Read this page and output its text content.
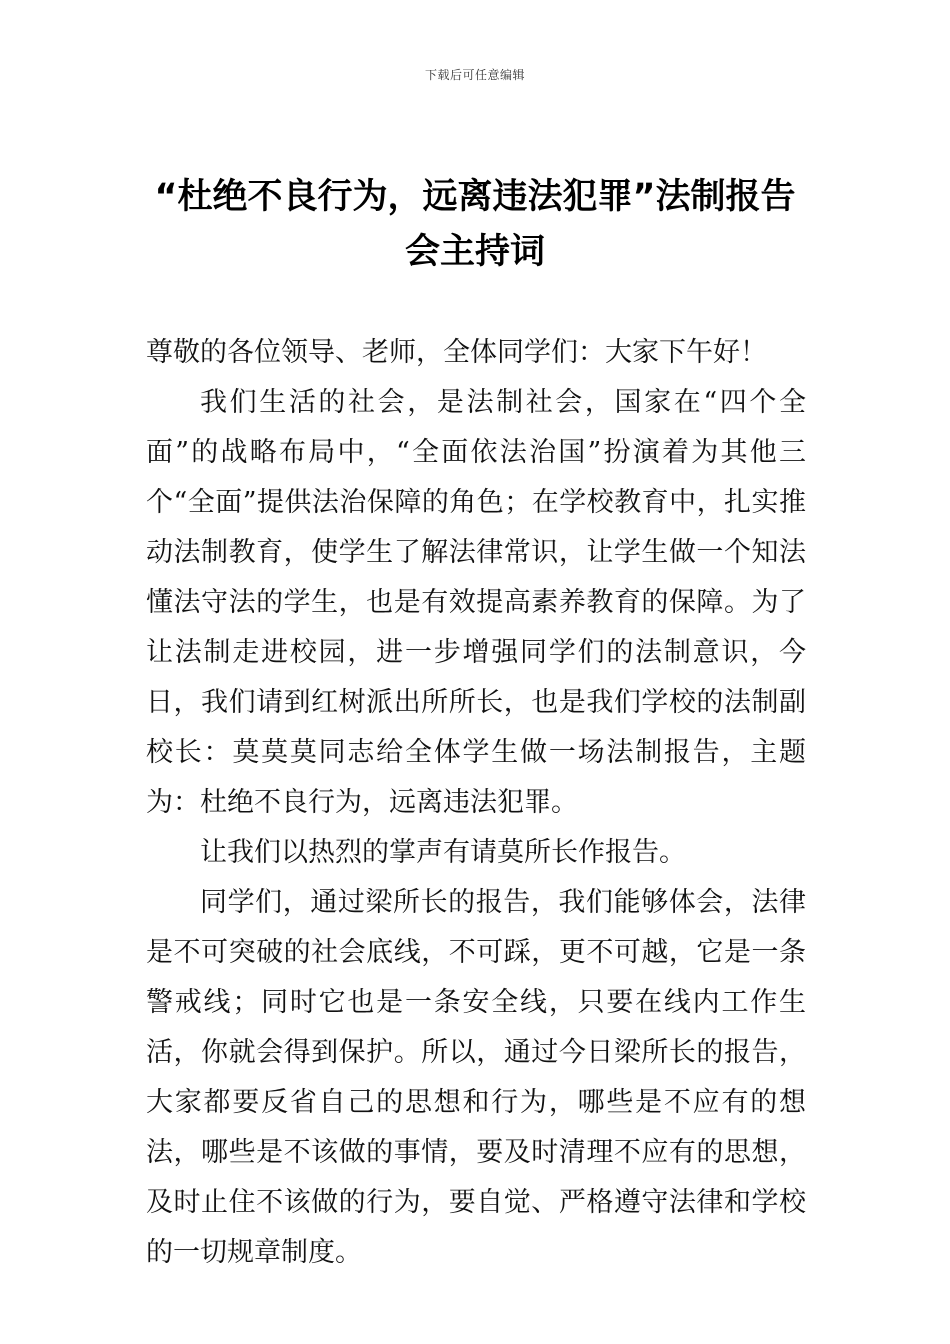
下载后可任意编辑
“杜绝不良行为，远离违法犯罪”法制报告会主持词

尊敬的各位领导、老师，全体同学们：大家下午好！

我们生活的社会，是法制社会，国家在“四个全面”的战略布局中，“全面依法治国”扮演着为其他三个“全面”提供法治保障的角色；在学校教育中，扎实推动法制教育，使学生了解法律常识，让学生做一个知法懂法守法的学生，也是有效提高素养教育的保障。为了让法制走进校园，进一步增强同学们的法制意识，今日，我们请到红树派出所所长，也是我们学校的法制副校长：莫莫莫同志给全体学生做一场法制报告，主题为：杜绝不良行为，远离违法犯罪。

让我们以热烈的掌声有请莫所长作报告。

同学们，通过梁所长的报告，我们能够体会，法律是不可突破的社会底线，不可踩，更不可越，它是一条警戒线；同时它也是一条安全线，只要在线内工作生活，你就会得到保护。所以，通过今日梁所长的报告，大家都要反省自己的思想和行为，哪些是不应有的想法，哪些是不该做的事情，要及时清理不应有的思想，及时止住不该做的行为，要自觉、严格遵守法律和学校的一切规章制度。
